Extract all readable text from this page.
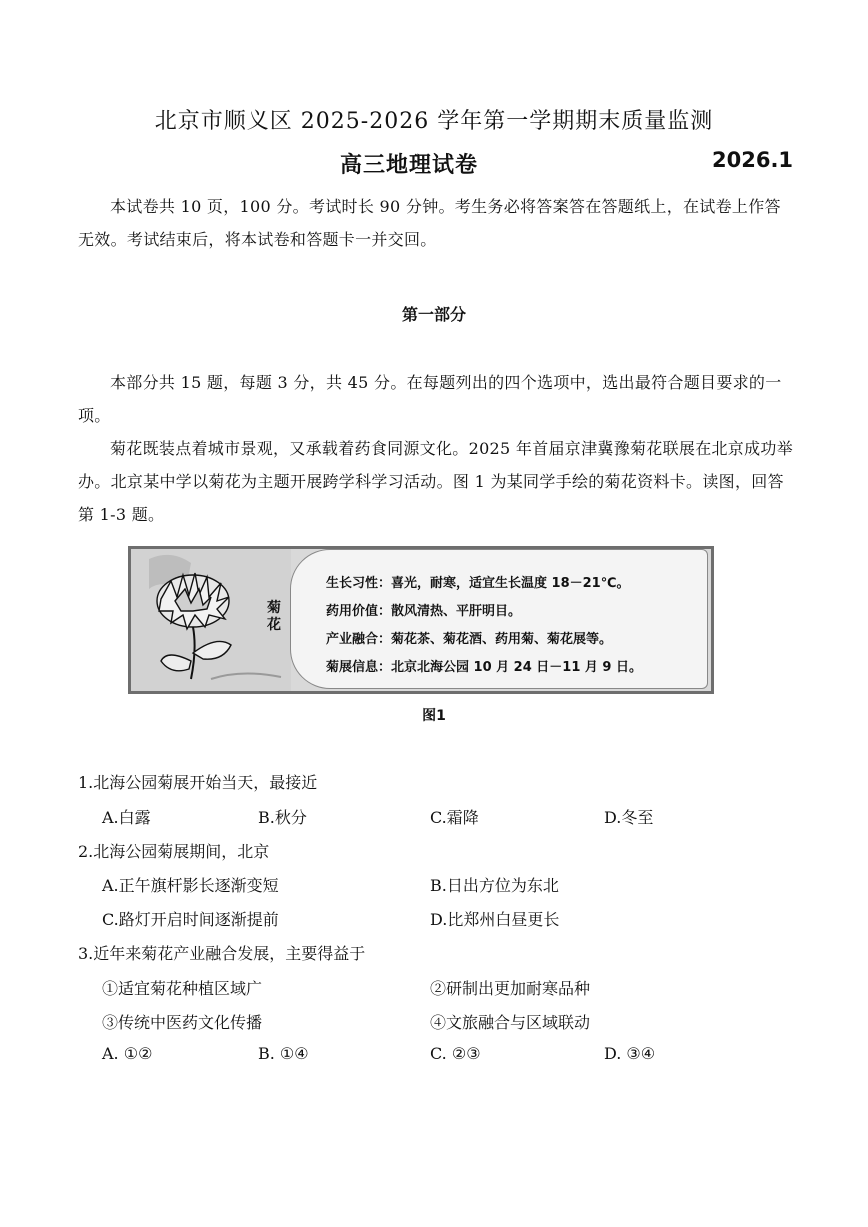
北京市顺义区 2025-2026 学年第一学期期末质量监测
高三地理试卷	2026.1
本试卷共 10 页，100 分。考试时长 90 分钟。考生务必将答案答在答题纸上，在试卷上作答无效。考试结束后，将本试卷和答题卡一并交回。
第一部分
本部分共 15 题，每题 3 分，共 45 分。在每题列出的四个选项中，选出最符合题目要求的一项。
菊花既装点着城市景观，又承载着药食同源文化。2025 年首届京津冀豫菊花联展在北京成功举办。北京某中学以菊花为主题开展跨学科学习活动。图 1 为某同学手绘的菊花资料卡。读图，回答第 1-3 题。
菊花
生长习性：喜光，耐寒，适宜生长温度 18－21℃。
药用价值：散风清热、平肝明目。
产业融合：菊花茶、菊花酒、药用菊、菊花展等。
菊展信息：北京北海公园 10 月 24 日－11 月 9 日。
图1
1.北海公园菊展开始当天，最接近
A.白露	B.秋分	C.霜降	D.冬至
2.北海公园菊展期间，北京
A.正午旗杆影长逐渐变短	B.日出方位为东北
C.路灯开启时间逐渐提前	D.比郑州白昼更长
3.近年来菊花产业融合发展，主要得益于
①适宜菊花种植区域广	②研制出更加耐寒品种
③传统中医药文化传播	④文旅融合与区域联动
A. ①②	B. ①④	C. ②③	D. ③④
